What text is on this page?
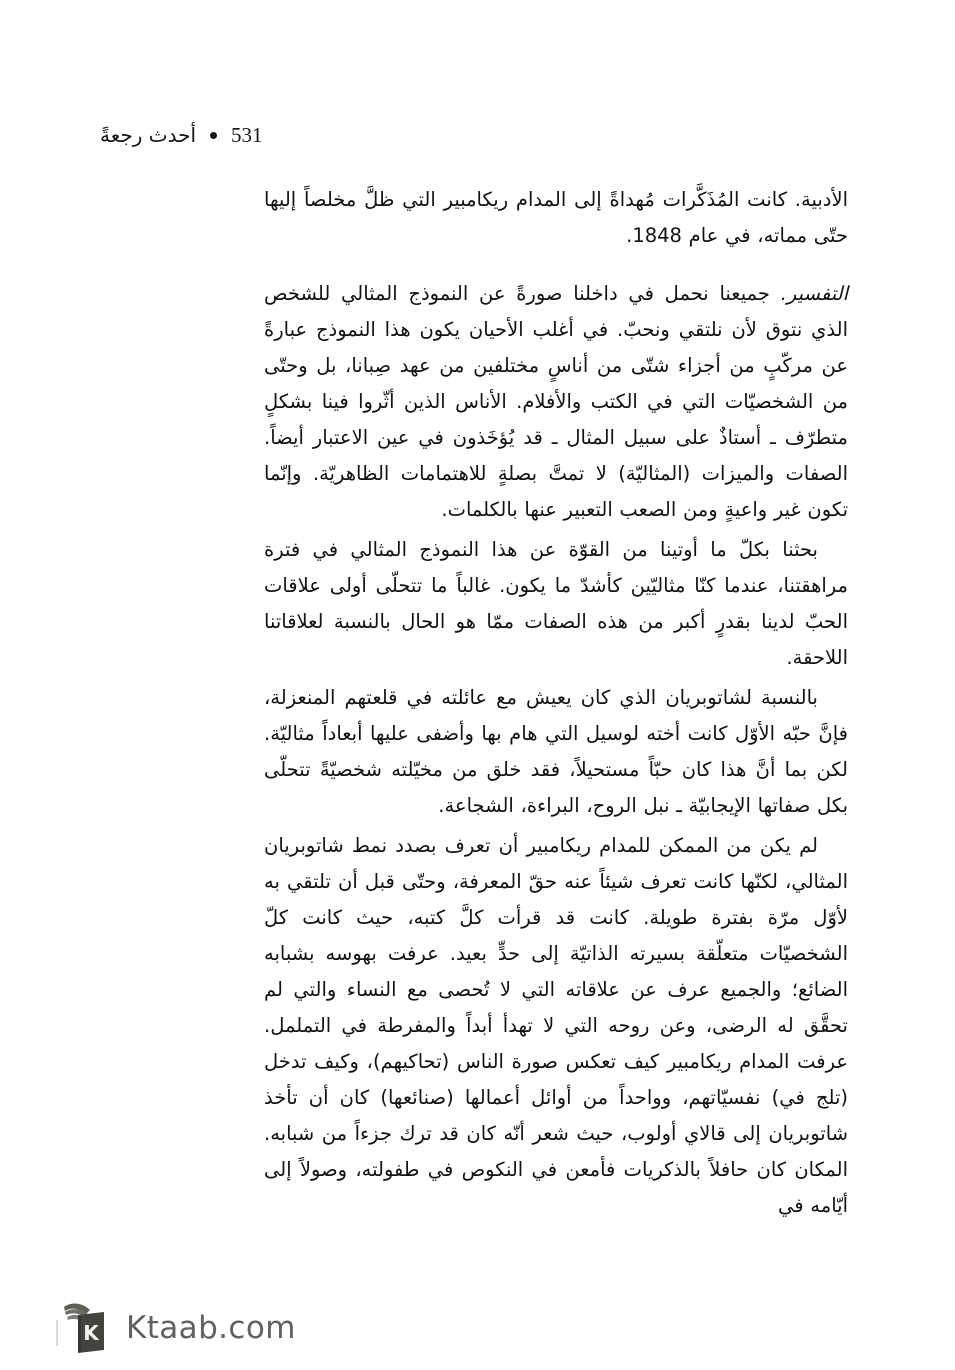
أحدث رجعةً 531

الأدبية. كانت المُذَكَّرات مُهداةً إلى المدام ريكامبير التي ظلَّ مخلصاً إليها حتّى مماته، في عام 1848.

التفسير. جميعنا نحمل في داخلنا صورةً عن النموذج المثالي للشخص الذي نتوق لأن نلتقي ونحبّ. في أغلب الأحيان يكون هذا النموذج عبارةً عن مركّبٍ من أجزاء شتّى من أناسٍ مختلفين من عهد صِبانا، بل وحتّى من الشخصيّات التي في الكتب والأفلام. الأناس الذين أثّروا فينا بشكلٍ متطرّف ـ أستاذٌ على سبيل المثال ـ قد يُؤخَذون في عين الاعتبار أيضاً. الصفات والميزات (المثاليّة) لا تمتَّ بصلةٍ للاهتمامات الظاهريّة. وإنّما تكون غير واعيةٍ ومن الصعب التعبير عنها بالكلمات.

بحثنا بكلّ ما أوتينا من القوّة عن هذا النموذج المثالي في فترة مراهقتنا، عندما كنّا مثاليّين كأشدّ ما يكون. غالباً ما تتحلّى أولى علاقات الحبّ لدينا بقدرٍ أكبر من هذه الصفات ممّا هو الحال بالنسبة لعلاقاتنا اللاحقة.

بالنسبة لشاتوبريان الذي كان يعيش مع عائلته في قلعتهم المنعزلة، فإنَّ حبّه الأوّل كانت أخته لوسيل التي هام بها وأضفى عليها أبعاداً مثاليّة. لكن بما أنَّ هذا كان حبّاً مستحيلاً، فقد خلق من مخيّلته شخصيّةً تتحلّى بكل صفاتها الإيجابيّة ـ نبل الروح، البراءة، الشجاعة.

لم يكن من الممكن للمدام ريكامبير أن تعرف بصدد نمط شاتوبريان المثالي، لكنّها كانت تعرف شيئاً عنه حقّ المعرفة، وحتّى قبل أن تلتقي به لأوّل مرّة بفترة طويلة. كانت قد قرأت كلَّ كتبه، حيث كانت كلّ الشخصيّات متعلّقة بسيرته الذاتيّة إلى حدٍّ بعيد. عرفت بهوسه بشبابه الضائع؛ والجميع عرف عن علاقاته التي لا تُحصى مع النساء والتي لم تحقَّق له الرضى، وعن روحه التي لا تهدأ أبداً والمفرطة في التململ. عرفت المدام ريكامبير كيف تعكس صورة الناس (تحاكيهم)، وكيف تدخل (تلج في) نفسيّاتهم، وواحداً من أوائل أعمالها (صنائعها) كان أن تأخذ شاتوبريان إلى قالاي أولوب، حيث شعر أنّه كان قد ترك جزءاً من شبابه. المكان كان حافلاً بالذكريات فأمعن في النكوص في طفولته، وصولاً إلى أيّامه في

K Ktaab.com
